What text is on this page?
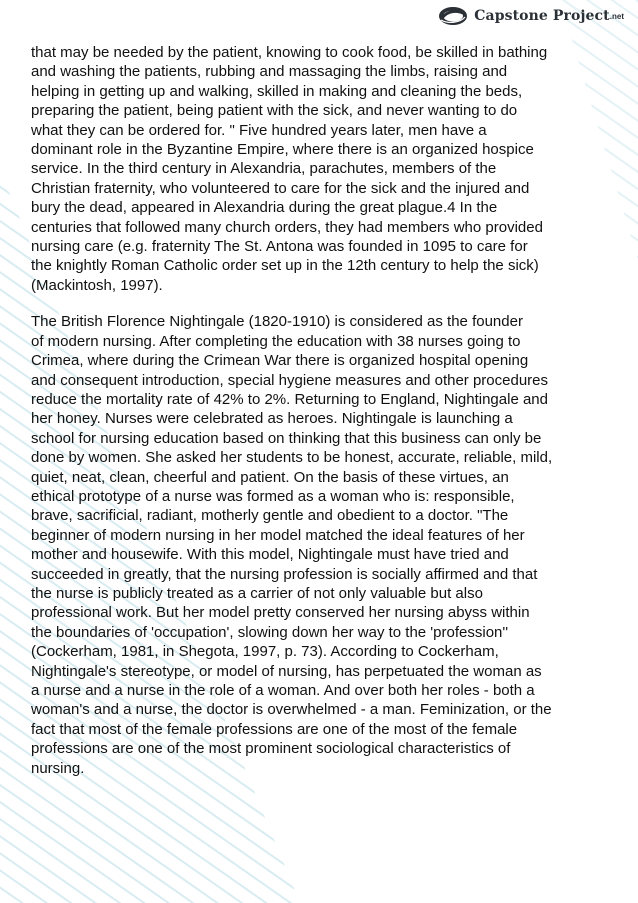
Capstone Project .net

that may be needed by the patient, knowing to cook food, be skilled in bathing
and washing the patients, rubbing and massaging the limbs, raising and
helping in getting up and walking, skilled in making and cleaning the beds,
preparing the patient, being patient with the sick, and never wanting to do
what they can be ordered for. " Five hundred years later, men have a
dominant role in the Byzantine Empire, where there is an organized hospice
service. In the third century in Alexandria, parachutes, members of the
Christian fraternity, who volunteered to care for the sick and the injured and
bury the dead, appeared in Alexandria during the great plague.4 In the
centuries that followed many church orders, they had members who provided
nursing care (e.g. fraternity The St. Antona was founded in 1095 to care for
the knightly Roman Catholic order set up in the 12th century to help the sick)
(Mackintosh, 1997).

The British Florence Nightingale (1820-1910) is considered as the founder
of modern nursing. After completing the education with 38 nurses going to
Crimea, where during the Crimean War there is organized hospital opening
and consequent introduction, special hygiene measures and other procedures
reduce the mortality rate of 42% to 2%. Returning to England, Nightingale and
her honey. Nurses were celebrated as heroes. Nightingale is launching a
school for nursing education based on thinking that this business can only be
done by women. She asked her students to be honest, accurate, reliable, mild,
quiet, neat, clean, cheerful and patient. On the basis of these virtues, an
ethical prototype of a nurse was formed as a woman who is: responsible,
brave, sacrificial, radiant, motherly gentle and obedient to a doctor. "The
beginner of modern nursing in her model matched the ideal features of her
mother and housewife. With this model, Nightingale must have tried and
succeeded in greatly, that the nursing profession is socially affirmed and that
the nurse is publicly treated as a carrier of not only valuable but also
professional work. But her model pretty conserved her nursing abyss within
the boundaries of 'occupation', slowing down her way to the 'profession''
(Cockerham, 1981, in Shegota, 1997, p. 73). According to Cockerham,
Nightingale's stereotype, or model of nursing, has perpetuated the woman as
a nurse and a nurse in the role of a woman. And over both her roles - both a
woman's and a nurse, the doctor is overwhelmed - a man. Feminization, or the
fact that most of the female professions are one of the most of the female
professions are one of the most prominent sociological characteristics of
nursing.
